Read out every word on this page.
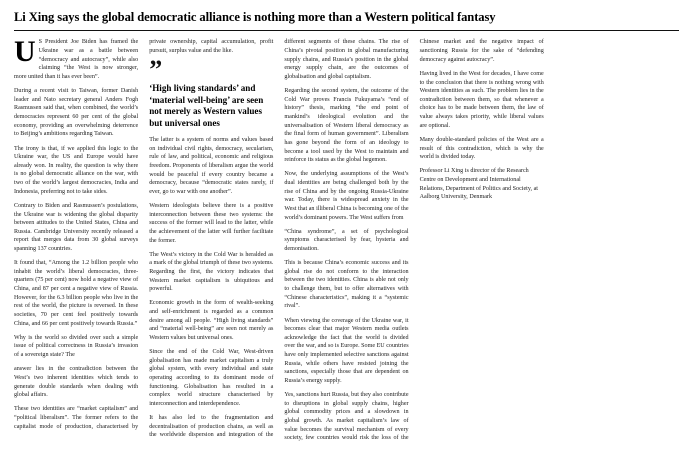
Li Xing says the global democratic alliance is nothing more than a Western political fantasy

U S President Joe Biden has framed the Ukraine war as a battle between “democracy and autocracy”, while also claiming “the West is now stronger, more united than it has ever been”.

During a recent visit to Taiwan, former Danish leader and Nato secretary general Anders Fogh Rasmussen said that, when combined, the world’s democracies represent 60 per cent of the global economy, providing an overwhelming deterrence to Beijing’s ambitions regarding Taiwan.

The irony is that, if we applied this logic to the Ukraine war, the US and Europe would have already won. In reality, the question is why there is no global democratic alliance on the war, with two of the world’s largest democracies, India and Indonesia, preferring not to take sides.

Contrary to Biden and Rasmussen’s postulations, the Ukraine war is widening the global disparity between attitudes to the United States, China and Russia. Cambridge University recently released a report that merges data from 30 global surveys spanning 137 countries.

It found that, “Among the 1.2 billion people who inhabit the world’s liberal democracies, three-quarters (75 per cent) now hold a negative view of China, and 87 per cent a negative view of Russia. However, for the 6.3 billion people who live in the rest of the world, the picture is reversed. In these societies, 70 per cent feel positively towards China, and 66 per cent positively towards Russia.”

Why is the world so divided over such a simple issue of political correctness in Russia’s invasion of a sovereign state? The

answer lies in the contradiction between the West’s two inherent identities which tends to generate double standards when dealing with global affairs.

These two identities are “market capitalism” and “political liberalism”. The former refers to the capitalist mode of production, characterised by private ownership, capital accumulation, profit pursuit, surplus value and the like.

”
‘High living standards’ and ‘material well-being’ are seen not merely as Western values but universal ones

The latter is a system of norms and values based on individual civil rights, democracy, secularism, rule of law, and political, economic and religious freedom. Proponents of liberalism argue the world would be peaceful if every country became a democracy, because “democratic states rarely, if ever, go to war with one another”.

Western ideologists believe there is a positive interconnection between these two systems: the success of the former will lead to the latter, while the achievement of the latter will further facilitate the former.

The West’s victory in the Cold War is heralded as a mark of the global triumph of these two systems. Regarding the first, the victory indicates that Western market capitalism is ubiquitous and powerful.

Economic growth in the form of wealth-seeking and self-enrichment is regarded as a common desire among all people. “High living standards” and “material well-being” are seen not merely as Western values but universal ones.

Since the end of the Cold War, West-driven globalisation has made market capitalism a truly global system, with every individual and state operating according to its dominant mode of functioning. Globalisation has resulted in a complex world structure characterised by interconnection and interdependence.

It has also led to the fragmentation and decentralisation of production chains, as well as the worldwide dispersion and integration of the different segments of these chains. The rise of China’s pivotal position in global manufacturing supply chains, and Russia’s position in the global energy supply chain, are the outcomes of globalisation and global capitalism.

Regarding the second system, the outcome of the Cold War proves Francis Fukuyama’s “end of history” thesis, marking “the end point of mankind’s ideological evolution and the universalisation of Western liberal democracy as the final form of human government”. Liberalism has gone beyond the form of an ideology to become a tool used by the West to maintain and reinforce its status as the global hegemon.

Now, the underlying assumptions of the West’s dual identities are being challenged both by the rise of China and by the ongoing Russia-Ukraine war. Today, there is widespread anxiety in the West that an illiberal China is becoming one of the world’s dominant powers. The West suffers from

“China syndrome”, a set of psychological symptoms characterised by fear, hysteria and demonisation.

This is because China’s economic success and its global rise do not conform to the interaction between the two identities. China is able not only to challenge them, but to offer alternatives with “Chinese characteristics”, making it a “systemic rival”.

When viewing the coverage of the Ukraine war, it becomes clear that major Western media outlets acknowledge the fact that the world is divided over the war, and so is Europe. Some EU countries have only implemented selective sanctions against Russia, while others have resisted joining the sanctions, especially those that are dependent on Russia’s energy supply.

Yes, sanctions hurt Russia, but they also contribute to disruptions in global supply chains, higher global commodity prices and a slowdown in global growth. As market capitalism’s law of value becomes the survival mechanism of every society, few countries would risk the loss of the Chinese market and the negative impact of sanctioning Russia for the sake of “defending democracy against autocracy”.

Having lived in the West for decades, I have come to the conclusion that there is nothing wrong with Western identities as such. The problem lies in the contradiction between them, so that whenever a choice has to be made between them, the law of value always takes priority, while liberal values are optional.

Many double-standard policies of the West are a result of this contradiction, which is why the world is divided today.

Professor Li Xing is director of the Research Centre on Development and International Relations, Department of Politics and Society, at Aalborg University, Denmark
